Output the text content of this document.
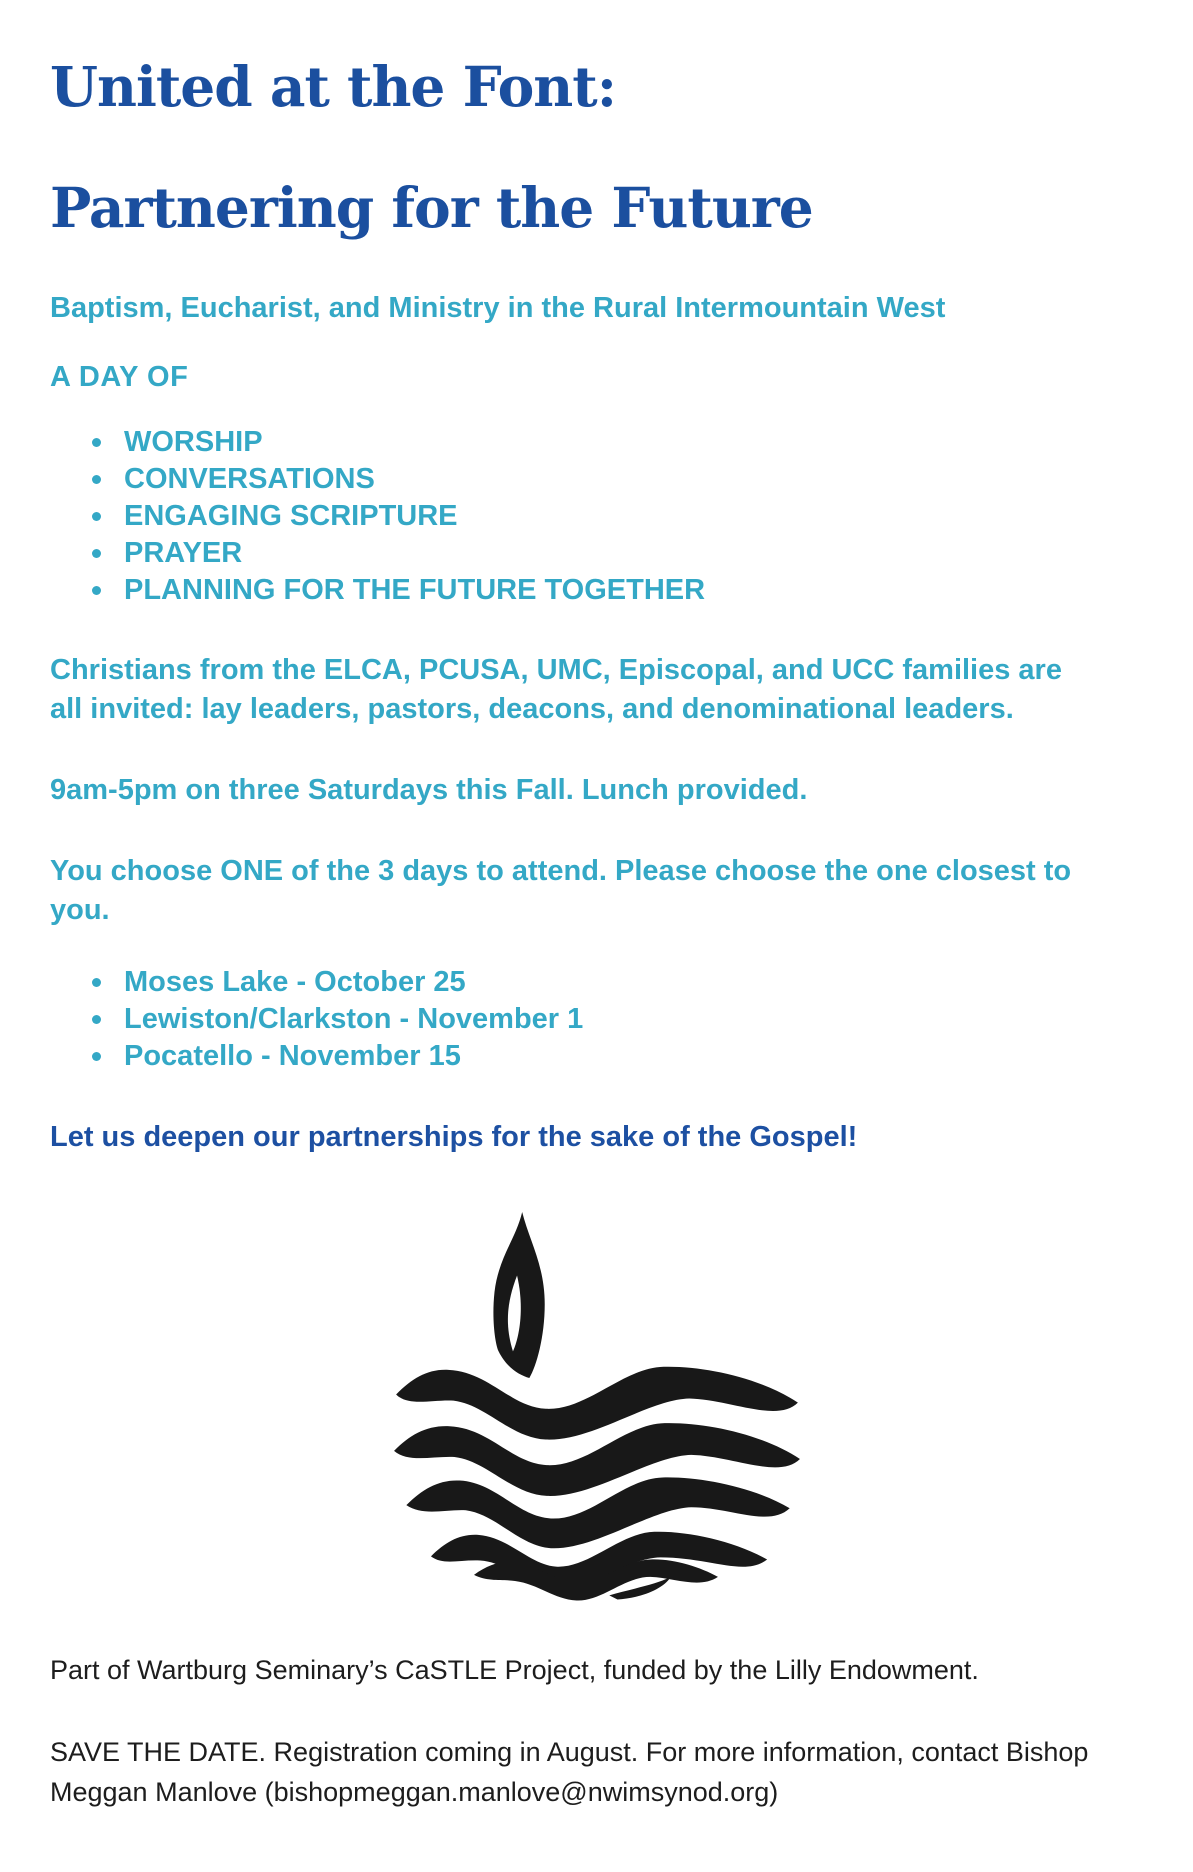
United at the Font:
Partnering for the Future

Baptism, Eucharist, and Ministry in the Rural Intermountain West

A DAY OF

WORSHIP
CONVERSATIONS
ENGAGING SCRIPTURE
PRAYER
PLANNING FOR THE FUTURE TOGETHER

Christians from the ELCA, PCUSA, UMC, Episcopal, and UCC families are all invited: lay leaders, pastors, deacons, and denominational leaders.

9am-5pm on three Saturdays this Fall. Lunch provided.

You choose ONE of the 3 days to attend. Please choose the one closest to you.

Moses Lake - October 25
Lewiston/Clarkston - November 1
Pocatello - November 15

Let us deepen our partnerships for the sake of the Gospel!

Part of Wartburg Seminary’s CaSTLE Project, funded by the Lilly Endowment.

SAVE THE DATE. Registration coming in August. For more information, contact Bishop Meggan Manlove (bishopmeggan.manlove@nwimsynod.org)
